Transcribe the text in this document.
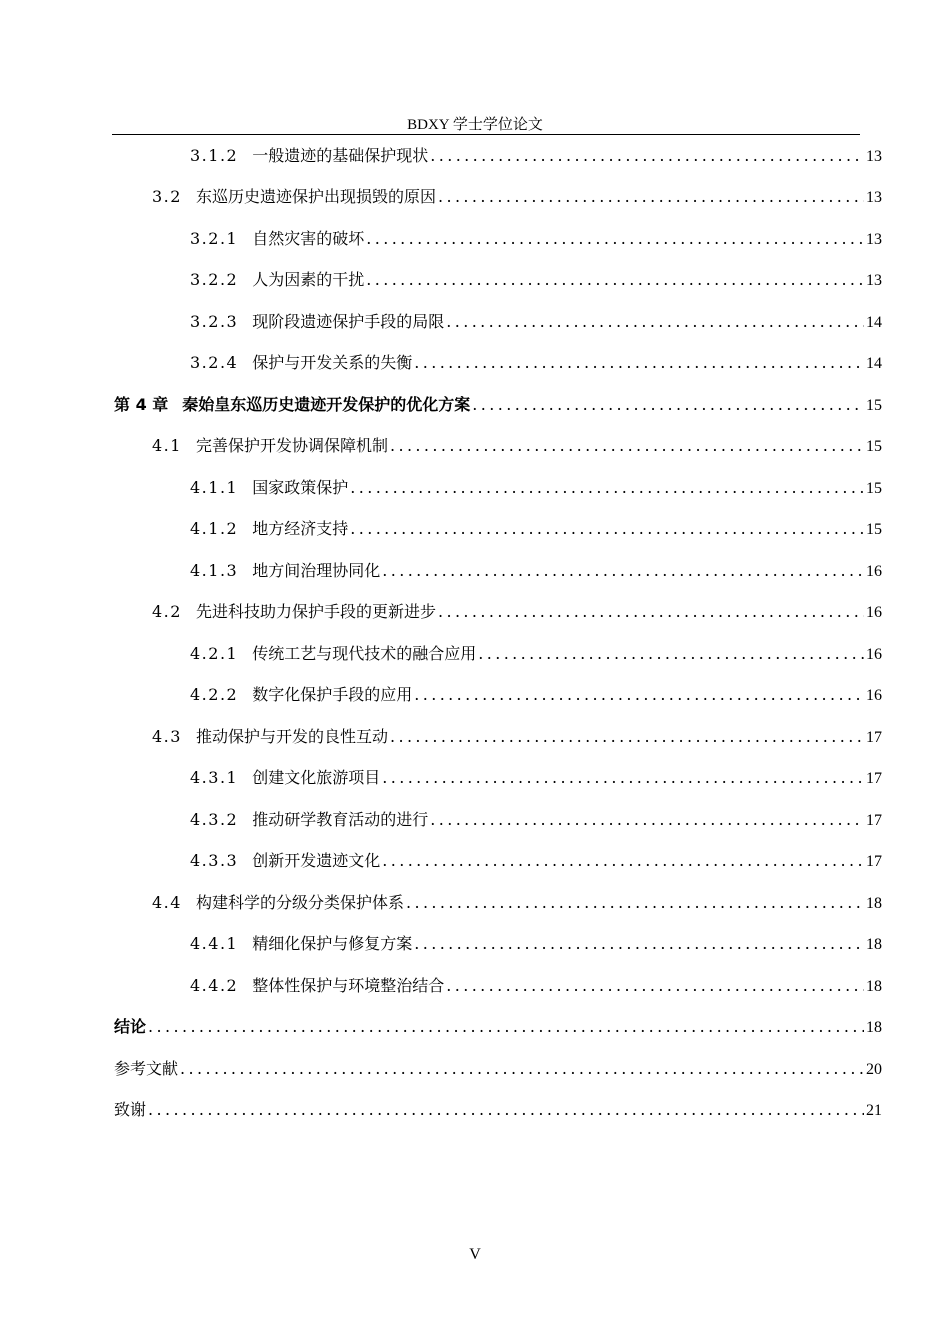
BDXY 学士学位论文
3.1.2 一般遗迹的基础保护现状 .....	13
3.2 东巡历史遗迹保护出现损毁的原因 .....	13
3.2.1 自然灾害的破坏 .....	13
3.2.2 人为因素的干扰 .....	13
3.2.3 现阶段遗迹保护手段的局限 .....	14
3.2.4 保护与开发关系的失衡 .....	14
第 4 章 秦始皇东巡历史遗迹开发保护的优化方案 .....	15
4.1 完善保护开发协调保障机制 .....	15
4.1.1 国家政策保护 .....	15
4.1.2 地方经济支持 .....	15
4.1.3 地方间治理协同化 .....	16
4.2 先进科技助力保护手段的更新进步 .....	16
4.2.1 传统工艺与现代技术的融合应用 .....	16
4.2.2 数字化保护手段的应用 .....	16
4.3 推动保护与开发的良性互动 .....	17
4.3.1 创建文化旅游项目 .....	17
4.3.2 推动研学教育活动的进行 .....	17
4.3.3 创新开发遗迹文化 .....	17
4.4 构建科学的分级分类保护体系 .....	18
4.4.1 精细化保护与修复方案 .....	18
4.4.2 整体性保护与环境整治结合 .....	18
结论 .....	18
参考文献 .....	20
致谢 .....	21
V
